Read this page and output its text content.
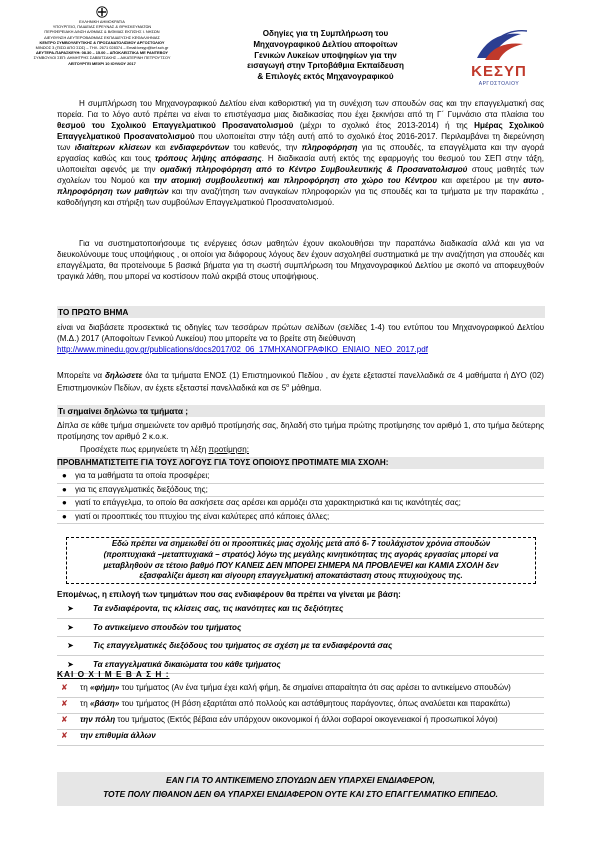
ΕΛΛΗΝΙΚΗ ΔΗΜΟΚΡΑΤΙΑ
ΥΠΟΥΡΓΕΙΟ, ΠΑΙΔΕΙΑΣ ΕΡΕΥΝΑΣ & ΘΡΗΣΚΕΥΜΑΤΩΝ
ΠΕΡΙΦΕΡΕΙΑΚΗ Δ/ΝΣΗ Α/ΘΜΙΑΣ & Β/ΘΜΙΑΣ ΕΚΠ/ΣΗΣ Ι. ΝΗΣΩΝ
ΔΙΕΥΘΥΝΣΗ ΔΕΥΤΕΡΟΒΑΘΜΙΑΣ ΕΚΠΑΙΔΕΥΣΗΣ ΚΕΦΑΛΛΗΝΙΑΣ
ΚΕΝΤΡΟ ΣΥΜΒΟΥΛΕΥΤΙΚΗΣ & ΠΡΟΣΑΝΑΤΟΛΙΣΜΟΥ ΑΡΓΟΣΤΟΛΙΟΥ
ΜΙΝΩΟΣ 3 (ΠΙΣΩ ΑΠΟ ΣΩΣ) – ΤΗΛ. 2671 028374 – Email:kesyp@kef.sch.gr
ΔΕΥΤΕΡΑ-ΠΑΡΑΣΚΕΥΗ: 08.30 – 15.00 – ΑΠΟΚΛΕΙΣΤΙΚΑ ΜΕ ΡΑΝΤΕΒΟΥ
ΣΥΜΒΟΥΛΟΙ ΣΕΠ: ΔΗΜΗΤΡΗΣ ΣΑΒΒΙΤΣΑΚΗΣ – ΑΙΚΑΤΕΡΙΝΗ ΠΕΤΡΟΥΤΣΟΥ
ΛΕΙΤΟΥΡΓΕΙ ΜΕΧΡΙ 10 ΙΟΥΛΙΟΥ 2017
Οδηγίες για τη Συμπλήρωση του
Μηχανογραφικού Δελτίου αποφοίτων
Γενικών Λυκείων υποψηφίων για την
εισαγωγή στην Τριτοβάθμια Εκπαίδευση
& Επιλογές εκτός Μηχανογραφικού	ΚΕΣΥΠ
ΑΡΓΟΣΤΟΛΙΟΥ
Η συμπλήρωση του Μηχανογραφικού Δελτίου είναι καθοριστική για τη συνέχιση των σπουδών σας και την επαγγελματική σας πορεία. Για το λόγο αυτό πρέπει να είναι το επιστέγασμα μιας διαδικασίας που έχει ξεκινήσει από τη Γ΄ Γυμνάσιο στα πλαίσια του θεσμού του Σχολικού Επαγγελματικού Προσανατολισμού (μέχρι το σχολικό έτος 2013-2014) ή της Ημέρας Σχολικού Επαγγελματικού Προσανατολισμού που υλοποιείται στην τάξη αυτή από το σχολικό έτος 2016-2017. Περιλαμβάνει τη διερεύνηση των ιδιαίτερων κλίσεων και ενδιαφερόντων του καθενός, την πληροφόρηση για τις σπουδές, τα επαγγέλματα και την αγορά εργασίας καθώς και τους τρόπους λήψης απόφασης. Η διαδικασία αυτή εκτός της εφαρμογής του θεσμού του ΣΕΠ στην τάξη, υλοποιείται αφενός με την ομαδική πληροφόρηση από το Κέντρο Συμβουλευτικής & Προσανατολισμού στους μαθητές των σχολείων του Νομού και την ατομική συμβουλευτική και πληροφόρηση στο χώρο του Κέντρου και αφετέρου με την αυτο-πληροφόρηση των μαθητών και την αναζήτηση των αναγκαίων πληροφοριών για τις σπουδές και τα τμήματα με την παρακάτω , καθοδήγηση και στήριξη των συμβούλων Επαγγελματικού Προσανατολισμού.
Για να συστηματοποιήσουμε τις ενέργειες όσων μαθητών έχουν ακολουθήσει την παραπάνω διαδικασία αλλά και για να διευκολύνουμε τους υποψήφιους , οι οποίοι για διάφορους λόγους δεν έχουν ασχοληθεί συστηματικά με την αναζήτηση για σπουδές και επαγγέλματα, θα προτείνουμε 5 βασικά βήματα για τη σωστή συμπλήρωση του Μηχανογραφικού Δελτίου με σκοπό να αποφευχθούν τραγικά λάθη, που μπορεί να κοστίσουν πολύ ακριβά στους υποψήφιους.
ΤΟ ΠΡΩΤΟ ΒΗΜΑ
είναι να διαβάσετε προσεκτικά τις οδηγίες των τεσσάρων πρώτων σελίδων (σελίδες 1-4) του εντύπου του Μηχανογραφικού Δελτίου (Μ.Δ.) 2017 (Αποφοίτων Γενικού Λυκείου) που μπορείτε να το βρείτε στη διεύθυνση
http://www.minedu.gov.gr/publications/docs2017/02_06_17ΜΗΧΑΝΟΓΡΑΦΙΚΟ_ΕΝΙΑΙΟ_ΝΕΟ_2017.pdf
Μπορείτε να δηλώσετε όλα τα τμήματα ΕΝΟΣ (1) Επιστημονικού Πεδίου , αν έχετε εξεταστεί πανελλαδικά σε 4 μαθήματα ή ΔΥΟ (02) Επιστημονικών Πεδίων, αν έχετε εξεταστεί πανελλαδικά και σε $5^o$ μάθημα.
Τι σημαίνει δηλώνω τα τμήματα ;
Δίπλα σε κάθε τμήμα σημειώνετε τον αριθμό προτίμησής σας, δηλαδή στο τμήμα πρώτης προτίμησης τον αριθμό 1, στο τμήμα δεύτερης προτίμησης τον αριθμό 2 κ.ο.κ.
Προσέχετε πως ερμηνεύετε τη λέξη προτίμηση:
ΠΡΟΒΛΗΜΑΤΙΣΤΕΙΤΕ ΓΙΑ ΤΟΥΣ ΛΟΓΟΥΣ ΓΙΑ ΤΟΥΣ ΟΠΟΙΟΥΣ ΠΡΟΤΙΜΑΤΕ ΜΙΑ ΣΧΟΛΗ:
● για τα μαθήματα τα οποία προσφέρει;
● για τις επαγγελματικές διεξόδους της;
● γιατί το επάγγελμα, το οποίο θα ασκήσετε σας αρέσει και αρμόζει στα χαρακτηριστικά και τις ικανότητές σας;
● γιατί οι προοπτικές του πτυχίου της είναι καλύτερες από κάποιες άλλες;
Εδώ πρέπει να σημειωθεί ότι οι προοπτικές μιας σχολής μετά από 6- 7 τουλάχιστον χρόνια σπουδών
(προπτυχιακά –μεταπτυχιακά – στρατός) λόγω της μεγάλης κινητικότητας της αγοράς εργασίας μπορεί να
μεταβληθούν σε τέτοιο βαθμό ΠΟΥ ΚΑΝΕΙΣ ΔΕΝ ΜΠΟΡΕΙ ΣΗΜΕΡΑ ΝΑ ΠΡΟΒΛΕΨΕΙ και ΚΑΜΙΑ ΣΧΟΛΗ δεν
εξασφαλίζει άμεση και σίγουρη επαγγελματική αποκατάσταση στους πτυχιούχους της.
Επομένως, η επιλογή των τμημάτων που σας ενδιαφέρουν θα πρέπει να γίνεται με βάση:
➤ Τα ενδιαφέροντα, τις κλίσεις σας, τις ικανότητες και τις δεξιότητες
➤ Το αντικείμενο σπουδών του τμήματος
➤ Τις επαγγελματικές διεξόδους του τμήματος σε σχέση με τα ενδιαφέροντά σας
➤ Τα επαγγελματικά δικαιώματα του κάθε τμήματος
ΚΑΙ Ο Χ Ι Μ Ε Β Α Σ Η :
✘ τη «φήμη» του τμήματος (Αν ένα τμήμα έχει καλή φήμη, δε σημαίνει απαραίτητα ότι σας αρέσει το αντικείμενο σπουδών)
✘ τη «βάση» του τμήματος (Η βάση εξαρτάται από πολλούς και αστάθμητους παράγοντες, όπως αναλύεται και παρακάτω)
✘ την πόλη του τμήματος (Εκτός βέβαια εάν υπάρχουν οικονομικοί ή άλλοι σοβαροί οικογενειακοί ή προσωπικοί λόγοι)
✘ την επιθυμία άλλων
ΕΑΝ ΓΙΑ ΤΟ ΑΝΤΙΚΕΙΜΕΝΟ ΣΠΟΥΔΩΝ ΔΕΝ ΥΠΑΡΧΕΙ ΕΝΔΙΑΦΕΡΟΝ,
ΤΟΤΕ ΠΟΛΥ ΠΙΘΑΝΟΝ ΔΕΝ ΘΑ ΥΠΑΡΧΕΙ ΕΝΔΙΑΦΕΡΟΝ ΟΥΤΕ ΚΑΙ ΣΤΟ ΕΠΑΓΓΕΛΜΑΤΙΚΟ ΕΠΙΠΕΔΟ.
